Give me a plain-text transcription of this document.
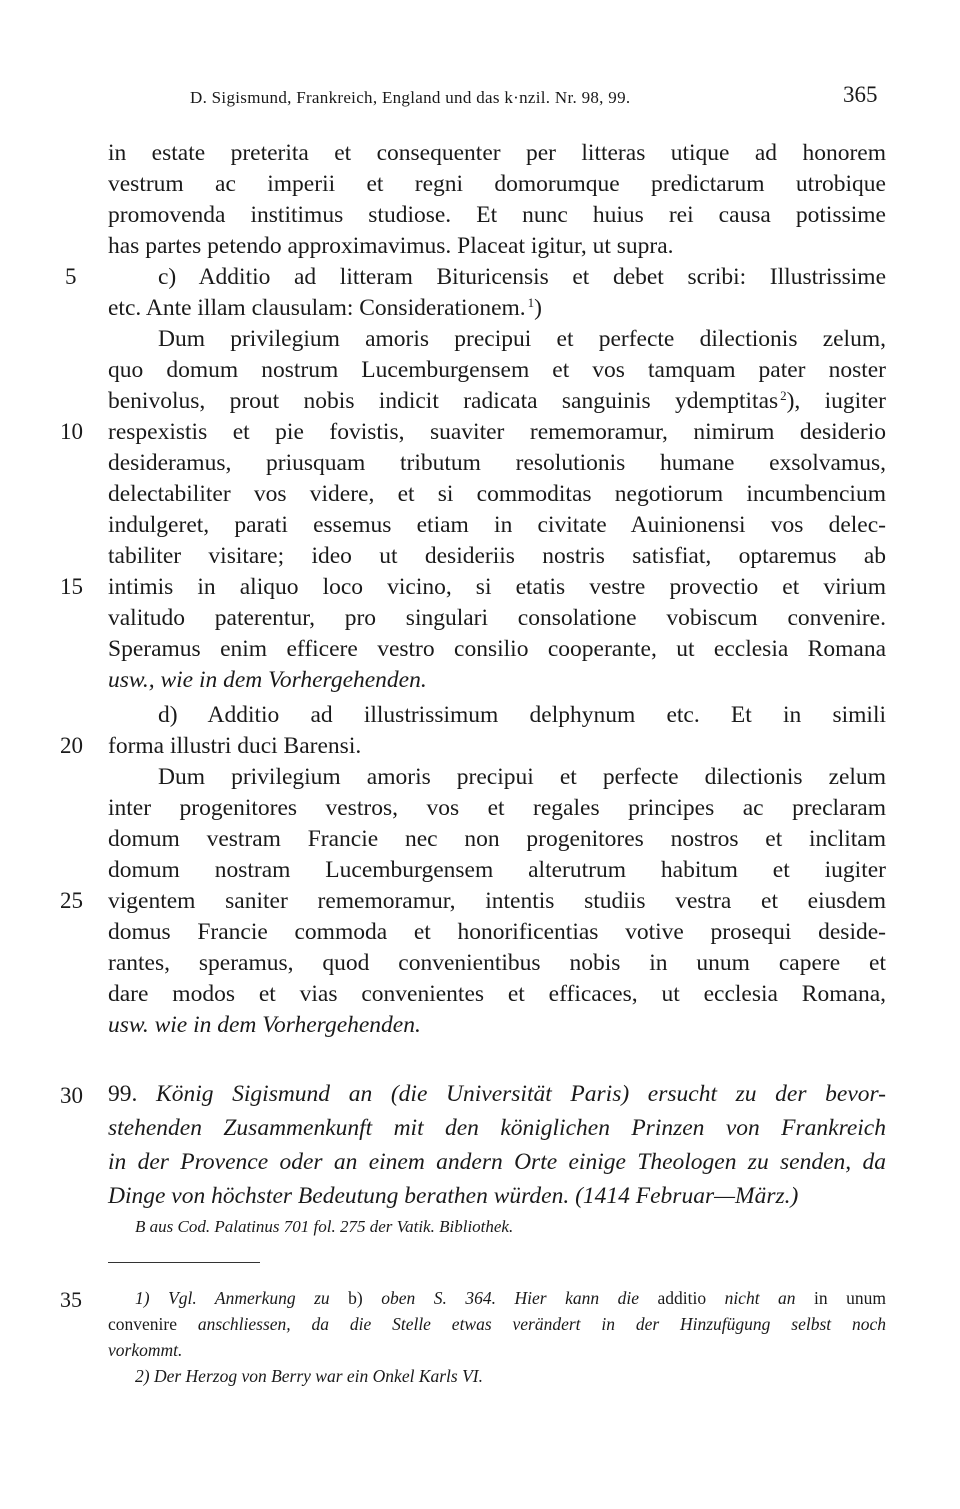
D. Sigismund, Frankreich, England und das k·nzil. Nr. 98, 99.	365
in estate preterita et consequenter per litteras utique ad honorem
vestrum ac imperii et regni domorumque predictarum utrobique
promovenda institimus studiose. Et nunc huius rei causa potissime
has partes petendo approximavimus. Placeat igitur, ut supra.
5	c) Additio ad litteram Bituricensis et debet scribi: Illustrissime
etc. Ante illam clausulam: Considerationem.  $^1$)
Dum privilegium amoris precipui et perfecte dilectionis zelum,
quo domum nostrum Lucemburgensem et vos tamquam pater noster
benivolus, prout nobis indicit radicata sanguinis ydemptitas  $^2$), iugiter
10	respexistis et pie fovistis, suaviter rememoramur, nimirum desiderio
desideramus, priusquam tributum resolutionis humane exsolvamus,
delectabiliter vos videre, et si commoditas negotiorum incumbencium
indulgeret, parati essemus etiam in civitate Auinionensi vos delec-
tabiliter visitare; ideo ut desideriis nostris satisfiat, optaremus ab
15	intimis in aliquo loco vicino, si etatis vestre provectio et virium
valitudo paterentur, pro singulari consolatione vobiscum convenire.
Speramus enim efficere vestro consilio cooperante, ut ecclesia Romana
usw., wie in dem Vorhergehenden.
d) Additio ad illustrissimum delphynum etc. Et in simili
20	forma illustri duci Barensi.
Dum privilegium amoris precipui et perfecte dilectionis zelum
inter progenitores vestros, vos et regales principes ac preclaram
domum vestram Francie nec non progenitores nostros et inclitam
domum nostram Lucemburgensem alterutrum habitum et iugiter
25	vigentem saniter rememoramur, intentis studiis vestra et eiusdem
domus Francie commoda et honorificentias votive prosequi deside-
rantes, speramus, quod convenientibus nobis in unum capere et
dare modos et vias convenientes et efficaces, ut ecclesia Romana,
usw. wie in dem Vorhergehenden.
30	99. König Sigismund an (die Universität Paris) ersucht zu der bevor-
stehenden Zusammenkunft mit den königlichen Prinzen von Frankreich
in der Provence oder an einem andern Orte einige Theologen zu senden, da
Dinge von höchster Bedeutung berathen würden. (1414 Februar—März.)
B aus Cod. Palatinus 701 fol. 275 der Vatik. Bibliothek.
35	1) Vgl. Anmerkung zu b) oben S. 364. Hier kann die additio nicht an in unum
convenire anschliessen, da die Stelle etwas verändert in der Hinzufügung selbst noch
vorkommt.
2) Der Herzog von Berry war ein Onkel Karls VI.
